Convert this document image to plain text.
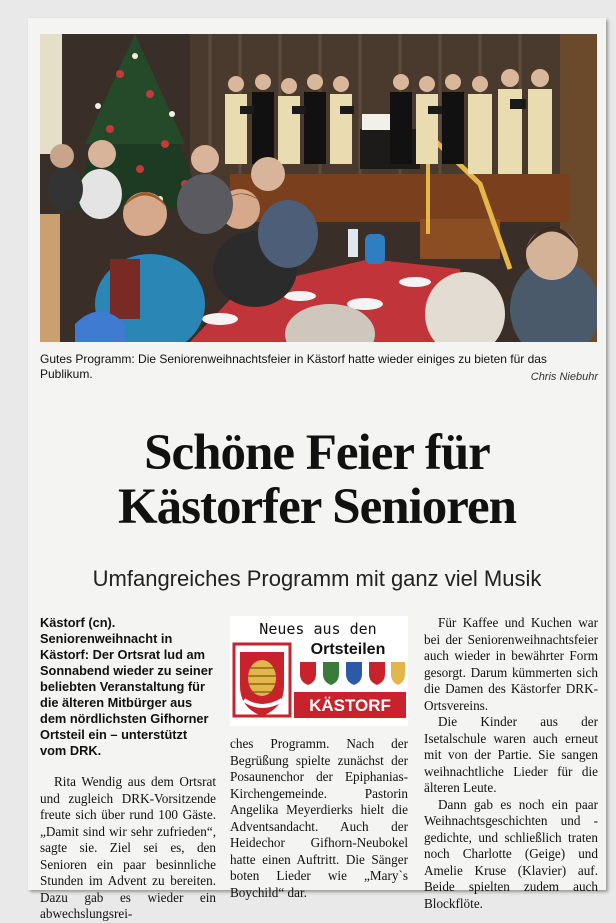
Gutes Programm: Die Seniorenweihnachtsfeier in Kästorf hatte wieder einiges zu bieten für das Publikum.	Chris Niebuhr
Schöne Feier für
Kästorfer Senioren
Umfangreiches Programm mit ganz viel Musik
Kästorf (cn). Seniorenweihnacht in Kästorf: Der Ortsrat lud am Sonnabend wieder zu seiner beliebten Veranstaltung für die älteren Mitbürger aus dem nördlichsten Gifhorner Ortsteil ein – unterstützt vom DRK.

Rita Wendig aus dem Ortsrat und zugleich DRK-Vorsitzende freute sich über rund 100 Gäste. „Damit sind wir sehr zufrieden“, sagte sie. Ziel sei es, den Senioren ein paar besinnliche Stunden im Advent zu bereiten. Dazu gab es wieder ein abwechslungsrei-

Neues aus den
Ortsteilen
KÄSTORF

ches Programm. Nach der Begrüßung spielte zunächst der Posaunenchor der Epiphanias-Kirchengemeinde. Pastorin Angelika Meyerdierks hielt die Adventsandacht. Auch der Heidechor Gifhorn-Neubokel hatte einen Auftritt. Die Sänger boten Lieder wie „Mary`s Boychild“ dar.

Für Kaffee und Kuchen war bei der Seniorenweihnachtsfeier auch wieder in bewährter Form gesorgt. Darum kümmerten sich die Damen des Kästorfer DRK-Ortsvereins.

Die Kinder aus der Isetalschule waren auch erneut mit von der Partie. Sie sangen weihnachtliche Lieder für die älteren Leute.

Dann gab es noch ein paar Weihnachtsgeschichten und -gedichte, und schließlich traten noch Charlotte (Geige) und Amelie Kruse (Klavier) auf. Beide spielten zudem auch Blockflöte.
